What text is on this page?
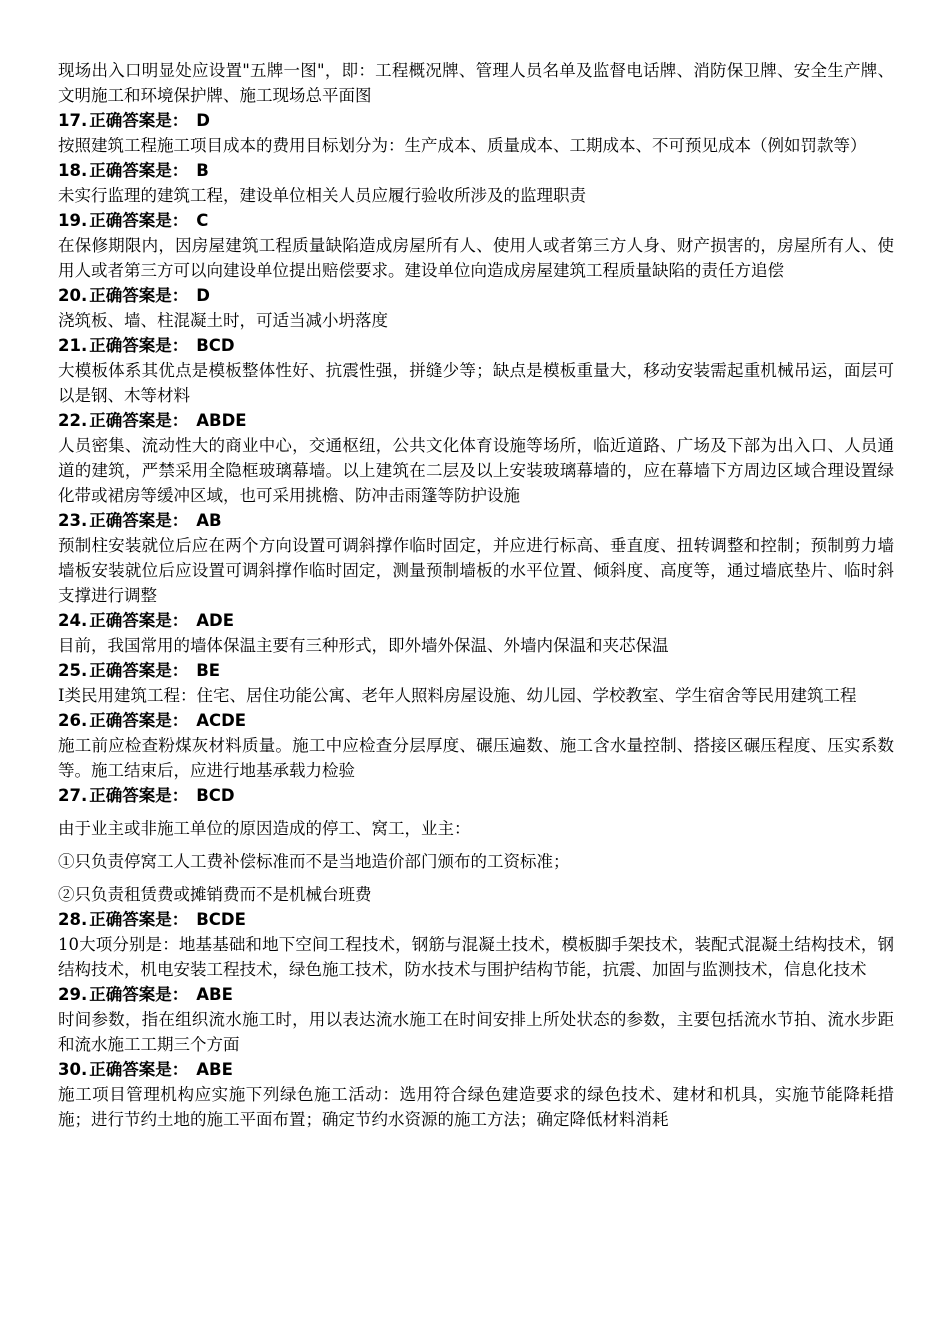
现场出入口明显处应设置"五牌一图"，即：工程概况牌、管理人员名单及监督电话牌、消防保卫牌、安全生产牌、文明施工和环境保护牌、施工现场总平面图

17. 正确答案是： D

按照建筑工程施工项目成本的费用目标划分为：生产成本、质量成本、工期成本、不可预见成本（例如罚款等）

18. 正确答案是： B

未实行监理的建筑工程，建设单位相关人员应履行验收所涉及的监理职责

19. 正确答案是： C

在保修期限内，因房屋建筑工程质量缺陷造成房屋所有人、使用人或者第三方人身、财产损害的，房屋所有人、使用人或者第三方可以向建设单位提出赔偿要求。建设单位向造成房屋建筑工程质量缺陷的责任方追偿

20. 正确答案是： D

浇筑板、墙、柱混凝土时，可适当减小坍落度

21. 正确答案是： BCD

大模板体系其优点是模板整体性好、抗震性强，拼缝少等；缺点是模板重量大，移动安装需起重机械吊运，面层可以是钢、木等材料

22. 正确答案是： ABDE

人员密集、流动性大的商业中心，交通枢纽，公共文化体育设施等场所，临近道路、广场及下部为出入口、人员通道的建筑，严禁采用全隐框玻璃幕墙。以上建筑在二层及以上安装玻璃幕墙的，应在幕墙下方周边区域合理设置绿化带或裙房等缓冲区域，也可采用挑檐、防冲击雨篷等防护设施

23. 正确答案是： AB

预制柱安装就位后应在两个方向设置可调斜撑作临时固定，并应进行标高、垂直度、扭转调整和控制；预制剪力墙墙板安装就位后应设置可调斜撑作临时固定，测量预制墙板的水平位置、倾斜度、高度等，通过墙底垫片、临时斜支撑进行调整

24. 正确答案是： ADE

目前，我国常用的墙体保温主要有三种形式，即外墙外保温、外墙内保温和夹芯保温

25. 正确答案是： BE

I类民用建筑工程：住宅、居住功能公寓、老年人照料房屋设施、幼儿园、学校教室、学生宿舍等民用建筑工程

26. 正确答案是： ACDE

施工前应检查粉煤灰材料质量。施工中应检查分层厚度、碾压遍数、施工含水量控制、搭接区碾压程度、压实系数等。施工结束后，应进行地基承载力检验

27. 正确答案是： BCD

由于业主或非施工单位的原因造成的停工、窝工，业主：

①只负责停窝工人工费补偿标准而不是当地造价部门颁布的工资标准；

②只负责租赁费或摊销费而不是机械台班费

28. 正确答案是： BCDE

10大项分别是：地基基础和地下空间工程技术，钢筋与混凝土技术，模板脚手架技术，装配式混凝土结构技术，钢结构技术，机电安装工程技术，绿色施工技术，防水技术与围护结构节能，抗震、加固与监测技术，信息化技术

29. 正确答案是： ABE

时间参数，指在组织流水施工时，用以表达流水施工在时间安排上所处状态的参数，主要包括流水节拍、流水步距和流水施工工期三个方面

30. 正确答案是： ABE

施工项目管理机构应实施下列绿色施工活动：选用符合绿色建造要求的绿色技术、建材和机具，实施节能降耗措施；进行节约土地的施工平面布置；确定节约水资源的施工方法；确定降低材料消耗
